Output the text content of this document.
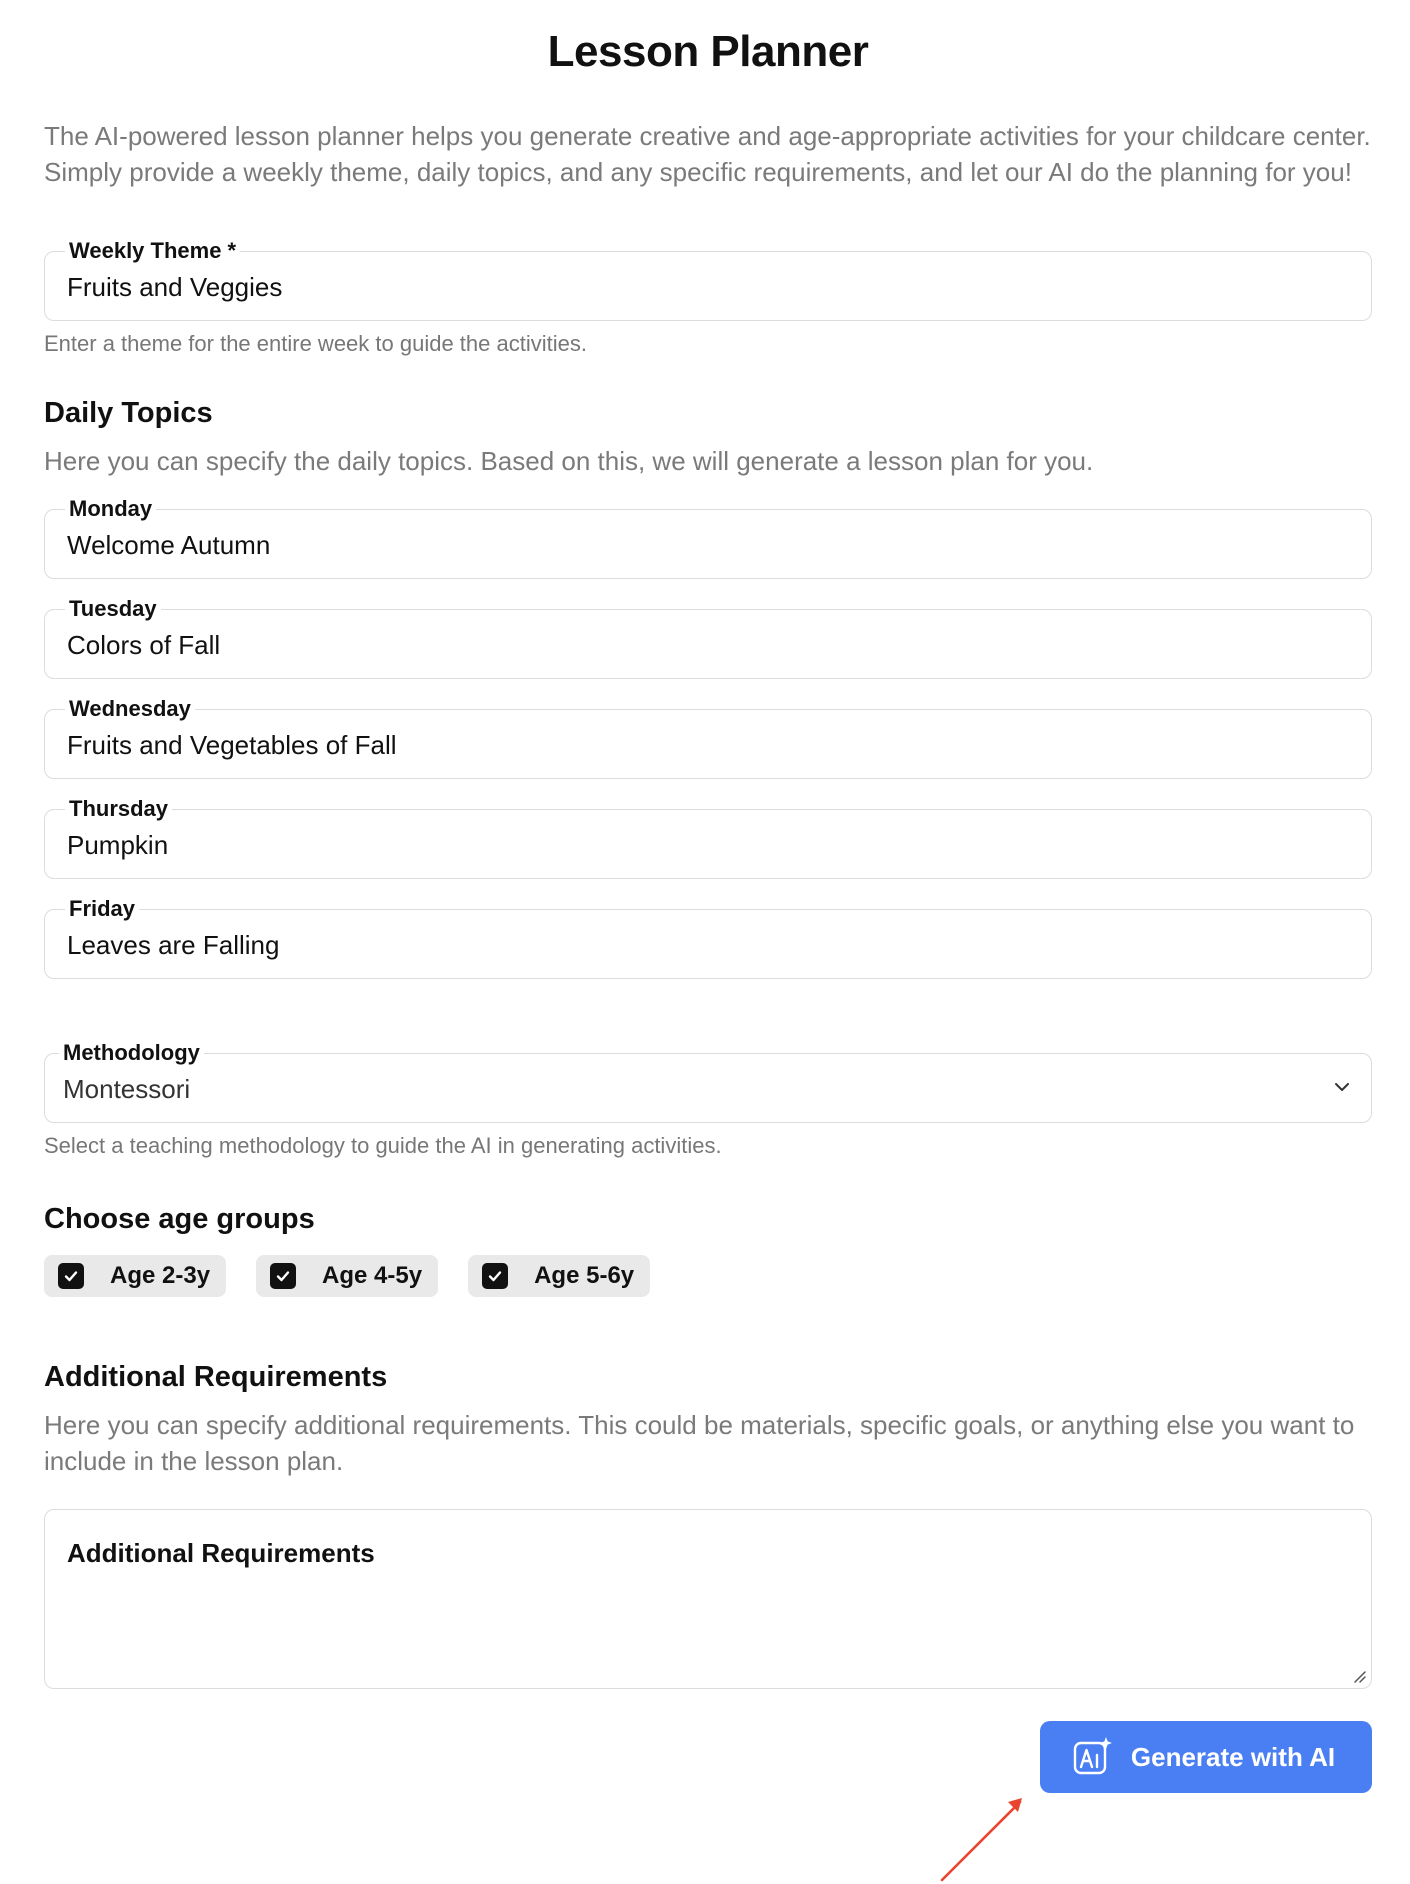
Lesson Planner
The AI-powered lesson planner helps you generate creative and age-appropriate activities for your childcare center. Simply provide a weekly theme, daily topics, and any specific requirements, and let our AI do the planning for you!
Weekly Theme *
Fruits and Veggies
Enter a theme for the entire week to guide the activities.
Daily Topics
Here you can specify the daily topics. Based on this, we will generate a lesson plan for you.
Monday
Welcome Autumn
Tuesday
Colors of Fall
Wednesday
Fruits and Vegetables of Fall
Thursday
Pumpkin
Friday
Leaves are Falling
Methodology
Montessori
Select a teaching methodology to guide the AI in generating activities.
Choose age groups
Age 2-3y	Age 4-5y	Age 5-6y
Additional Requirements
Here you can specify additional requirements. This could be materials, specific goals, or anything else you want to include in the lesson plan.
Additional Requirements
Generate with AI
